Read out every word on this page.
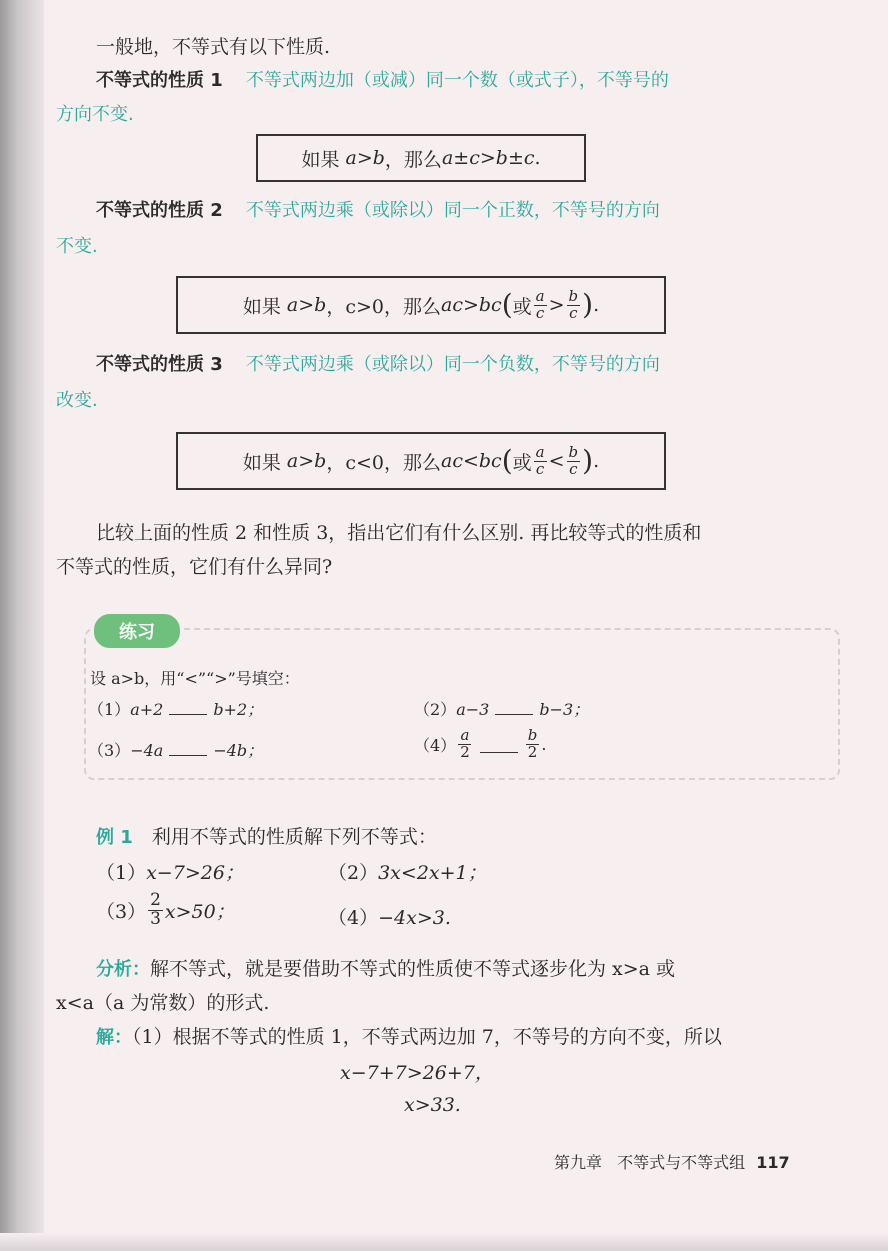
一般地，不等式有以下性质.
不等式的性质 1 不等式两边加（或减）同一个数（或式子），不等号的
方向不变.
如果
a > b ，那么 a ± c > b ± c .
不等式的性质 2 不等式两边乘（或除以）同一个正数，不等号的方向
不变.
如果
a > b ，c>0，那么 ac>bc ( 或 $\frac{a}{c} > \frac{b}{c}$ ) .
不等式的性质 3 不等式两边乘（或除以）同一个负数，不等号的方向
改变.
如果
a > b ，c<0，那么 ac<bc ( 或 $\frac{a}{c} < \frac{b}{c}$ ) .
比较上面的性质 2 和性质 3，指出它们有什么区别. 再比较等式的性质和
不等式的性质，它们有什么异同?
练习
设 a>b，用“<”“>”号填空：
（1）a+2	b+2；	（2）a−3	b−3；
（3）−4a	−4b；	$(4) \frac{a}{2}$	$\frac{b}{2}$ .
例 1 利用不等式的性质解下列不等式：
（1）x−7>26；	（2）3x<2x+1；
$(3) \frac{2}{3} x>50$；	（4）−4x>3.
分析：解不等式，就是要借助不等式的性质使不等式逐步化为 x>a 或
x<a（a 为常数）的形式.
解：（1）根据不等式的性质 1，不等式两边加 7，不等号的方向不变，所以
x−7+7>26+7，
x>33.
第九章 不等式与不等式组 117
